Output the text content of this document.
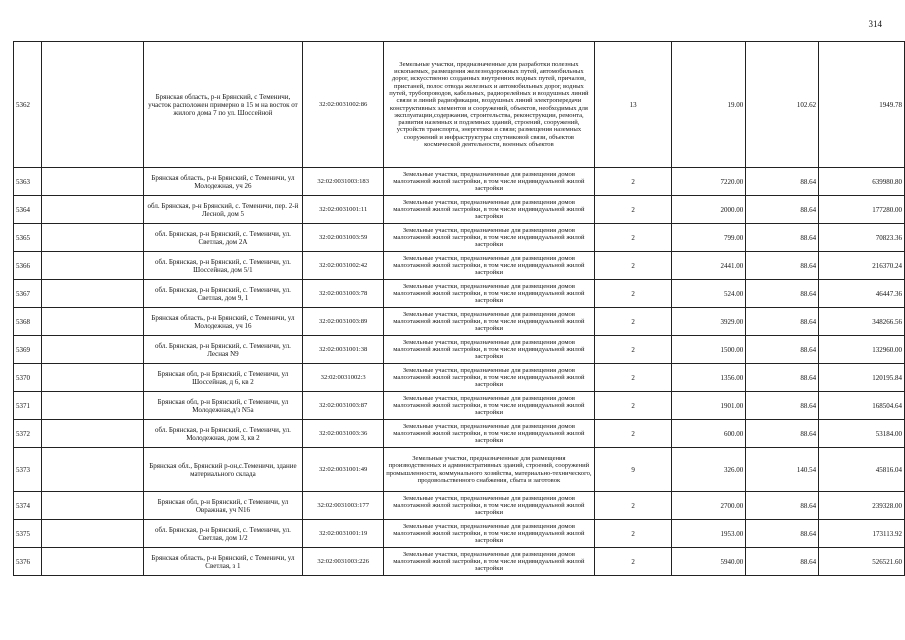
314
5362		Брянская область, р-н Брянский, с Теменичи, участок расположен примерно в 15 м на восток от жилого дома 7 по ул. Шоссейной	32:02:0031002:86	Земельные участки, предназначенные для разработки полезных ископаемых, размещения железнодорожных путей, автомобильных дорог, искусственно созданных внутренних водных путей, причалов, пристаней, полос отвода железных и автомобильных дорог, водных путей, трубопроводов, кабельных, радиорелейных и воздушных линий связи и линий радиофикации, воздушных линий электропередачи конструктивных элементов и сооружений, объектов, необходимых для эксплуатации,содержания, строительства, реконструкции, ремонта, развития наземных и подземных зданий, строений, сооружений, устройств транспорта, энергетики и связи; размещения наземных сооружений и инфраструктуры спутниковой связи, объектов космической деятельности, военных объектов	13	19.00	102.62	1949.78
5363		Брянская область, р-н Брянский, с Теменичи, ул Молодежная, уч 26	32:02:0031003:183	Земельные участки, предназначенные для размещения домов малоэтажной жилой застройки, в том числе индивидуальной жилой застройки	2	7220.00	88.64	639980.80
5364		обл. Брянская, р-н Брянский, с. Теменичи, пер. 2-й Лесной, дом 5	32:02:0031001:11	Земельные участки, предназначенные для размещения домов малоэтажной жилой застройки, в том числе индивидуальной жилой застройки	2	2000.00	88.64	177280.00
5365		обл. Брянская, р-н Брянский, с. Теменичи, ул. Светлая, дом 2А	32:02:0031003:59	Земельные участки, предназначенные для размещения домов малоэтажной жилой застройки, в том числе индивидуальной жилой застройки	2	799.00	88.64	70823.36
5366		обл. Брянская, р-н Брянский, с. Теменичи, ул. Шоссейная, дом 5/1	32:02:0031002:42	Земельные участки, предназначенные для размещения домов малоэтажной жилой застройки, в том числе индивидуальной жилой застройки	2	2441.00	88.64	216370.24
5367		обл. Брянская, р-н Брянский, с. Теменичи, ул. Светлая, дом 9, 1	32:02:0031003:78	Земельные участки, предназначенные для размещения домов малоэтажной жилой застройки, в том числе индивидуальной жилой застройки	2	524.00	88.64	46447.36
5368		Брянская область, р-н Брянский, с Теменичи, ул Молодежная, уч 16	32:02:0031003:89	Земельные участки, предназначенные для размещения домов малоэтажной жилой застройки, в том числе индивидуальной жилой застройки	2	3929.00	88.64	348266.56
5369		обл. Брянская, р-н Брянский, с. Теменичи, ул. Лесная N9	32:02:0031001:38	Земельные участки, предназначенные для размещения домов малоэтажной жилой застройки, в том числе индивидуальной жилой застройки	2	1500.00	88.64	132960.00
5370		Брянская обл, р-н Брянский, с Теменичи, ул Шоссейная, д 6, кв 2	32:02:0031002:3	Земельные участки, предназначенные для размещения домов малоэтажной жилой застройки, в том числе индивидуальной жилой застройки	2	1356.00	88.64	120195.84
5371		Брянская обл, р-н Брянский, с Теменичи, ул Молодежная,д/з N5а	32:02:0031003:87	Земельные участки, предназначенные для размещения домов малоэтажной жилой застройки, в том числе индивидуальной жилой застройки	2	1901.00	88.64	168504.64
5372		обл. Брянская, р-н Брянский, с. Теменичи, ул. Молодежная, дом 3, кв 2	32:02:0031003:36	Земельные участки, предназначенные для размещения домов малоэтажной жилой застройки, в том числе индивидуальной жилой застройки	2	600.00	88.64	53184.00
5373		Брянская обл., Брянский р-он,с.Теменичи, здание материального склада	32:02:0031001:49	Земельные участки, предназначенные для размещения производственных и административных зданий, строений, сооружений промышленности, коммунального хозяйства, материально-технического, продовольственного снабжения, сбыта и заготовок	9	326.00	140.54	45816.04
5374		Брянская обл, р-н Брянский, с Теменичи, ул Овражная, уч N16	32:02:0031003:177	Земельные участки, предназначенные для размещения домов малоэтажной жилой застройки, в том числе индивидуальной жилой застройки	2	2700.00	88.64	239328.00
5375		обл. Брянская, р-н Брянский, с. Теменичи, ул. Светлая, дом 1/2	32:02:0031001:19	Земельные участки, предназначенные для размещения домов малоэтажной жилой застройки, в том числе индивидуальной жилой застройки	2	1953.00	88.64	173113.92
5376		Брянская область, р-н Брянский, с Теменичи, ул Светлая, з 1	32:02:0031003:226	Земельные участки, предназначенные для размещения домов малоэтажной жилой застройки, в том числе индивидуальной жилой застройки	2	5940.00	88.64	526521.60
